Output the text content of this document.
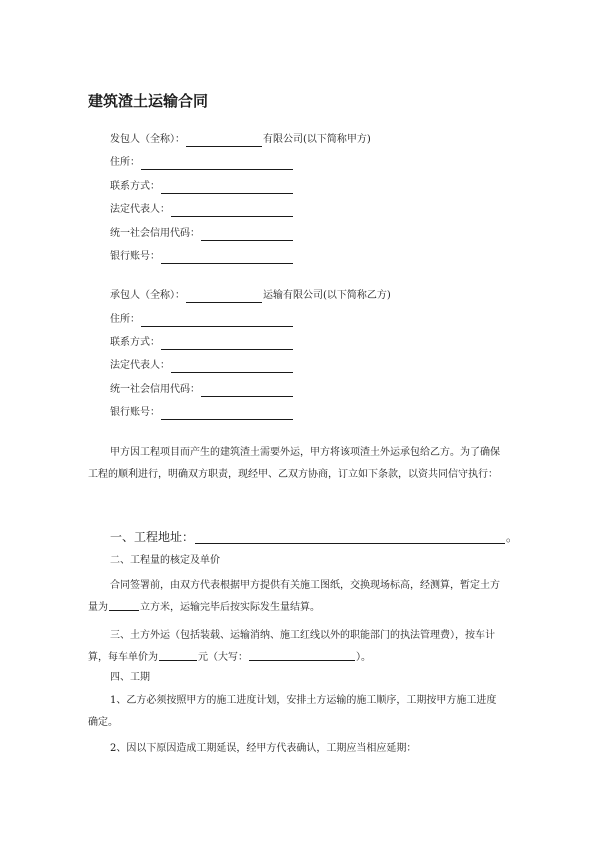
建筑渣土运输合同
发包人（全称）：	有限公司(以下简称甲方)
住所：
联系方式：
法定代表人：
统一社会信用代码：
银行账号：
承包人（全称）：	运输有限公司(以下简称乙方)
住所：
联系方式：
法定代表人：
统一社会信用代码：
银行账号：
甲方因工程项目而产生的建筑渣土需要外运，甲方将该项渣土外运承包给乙方。为了确保工程的顺利进行，明确双方职责，现经甲、乙双方协商，订立如下条款，以资共同信守执行：
一、工程地址：	。
二、工程量的核定及单价
合同签署前，由双方代表根据甲方提供有关施工图纸，交换现场标高，经测算，暂定土方量为	立方米，运输完毕后按实际发生量结算。
三、土方外运（包括装载、运输消纳、施工红线以外的职能部门的执法管理费），按车计算，每车单价为	元（大写：	）。
四、工期
1、乙方必须按照甲方的施工进度计划，安排土方运输的施工顺序，工期按甲方施工进度确定。
2、因以下原因造成工期延误，经甲方代表确认，工期应当相应延期：
